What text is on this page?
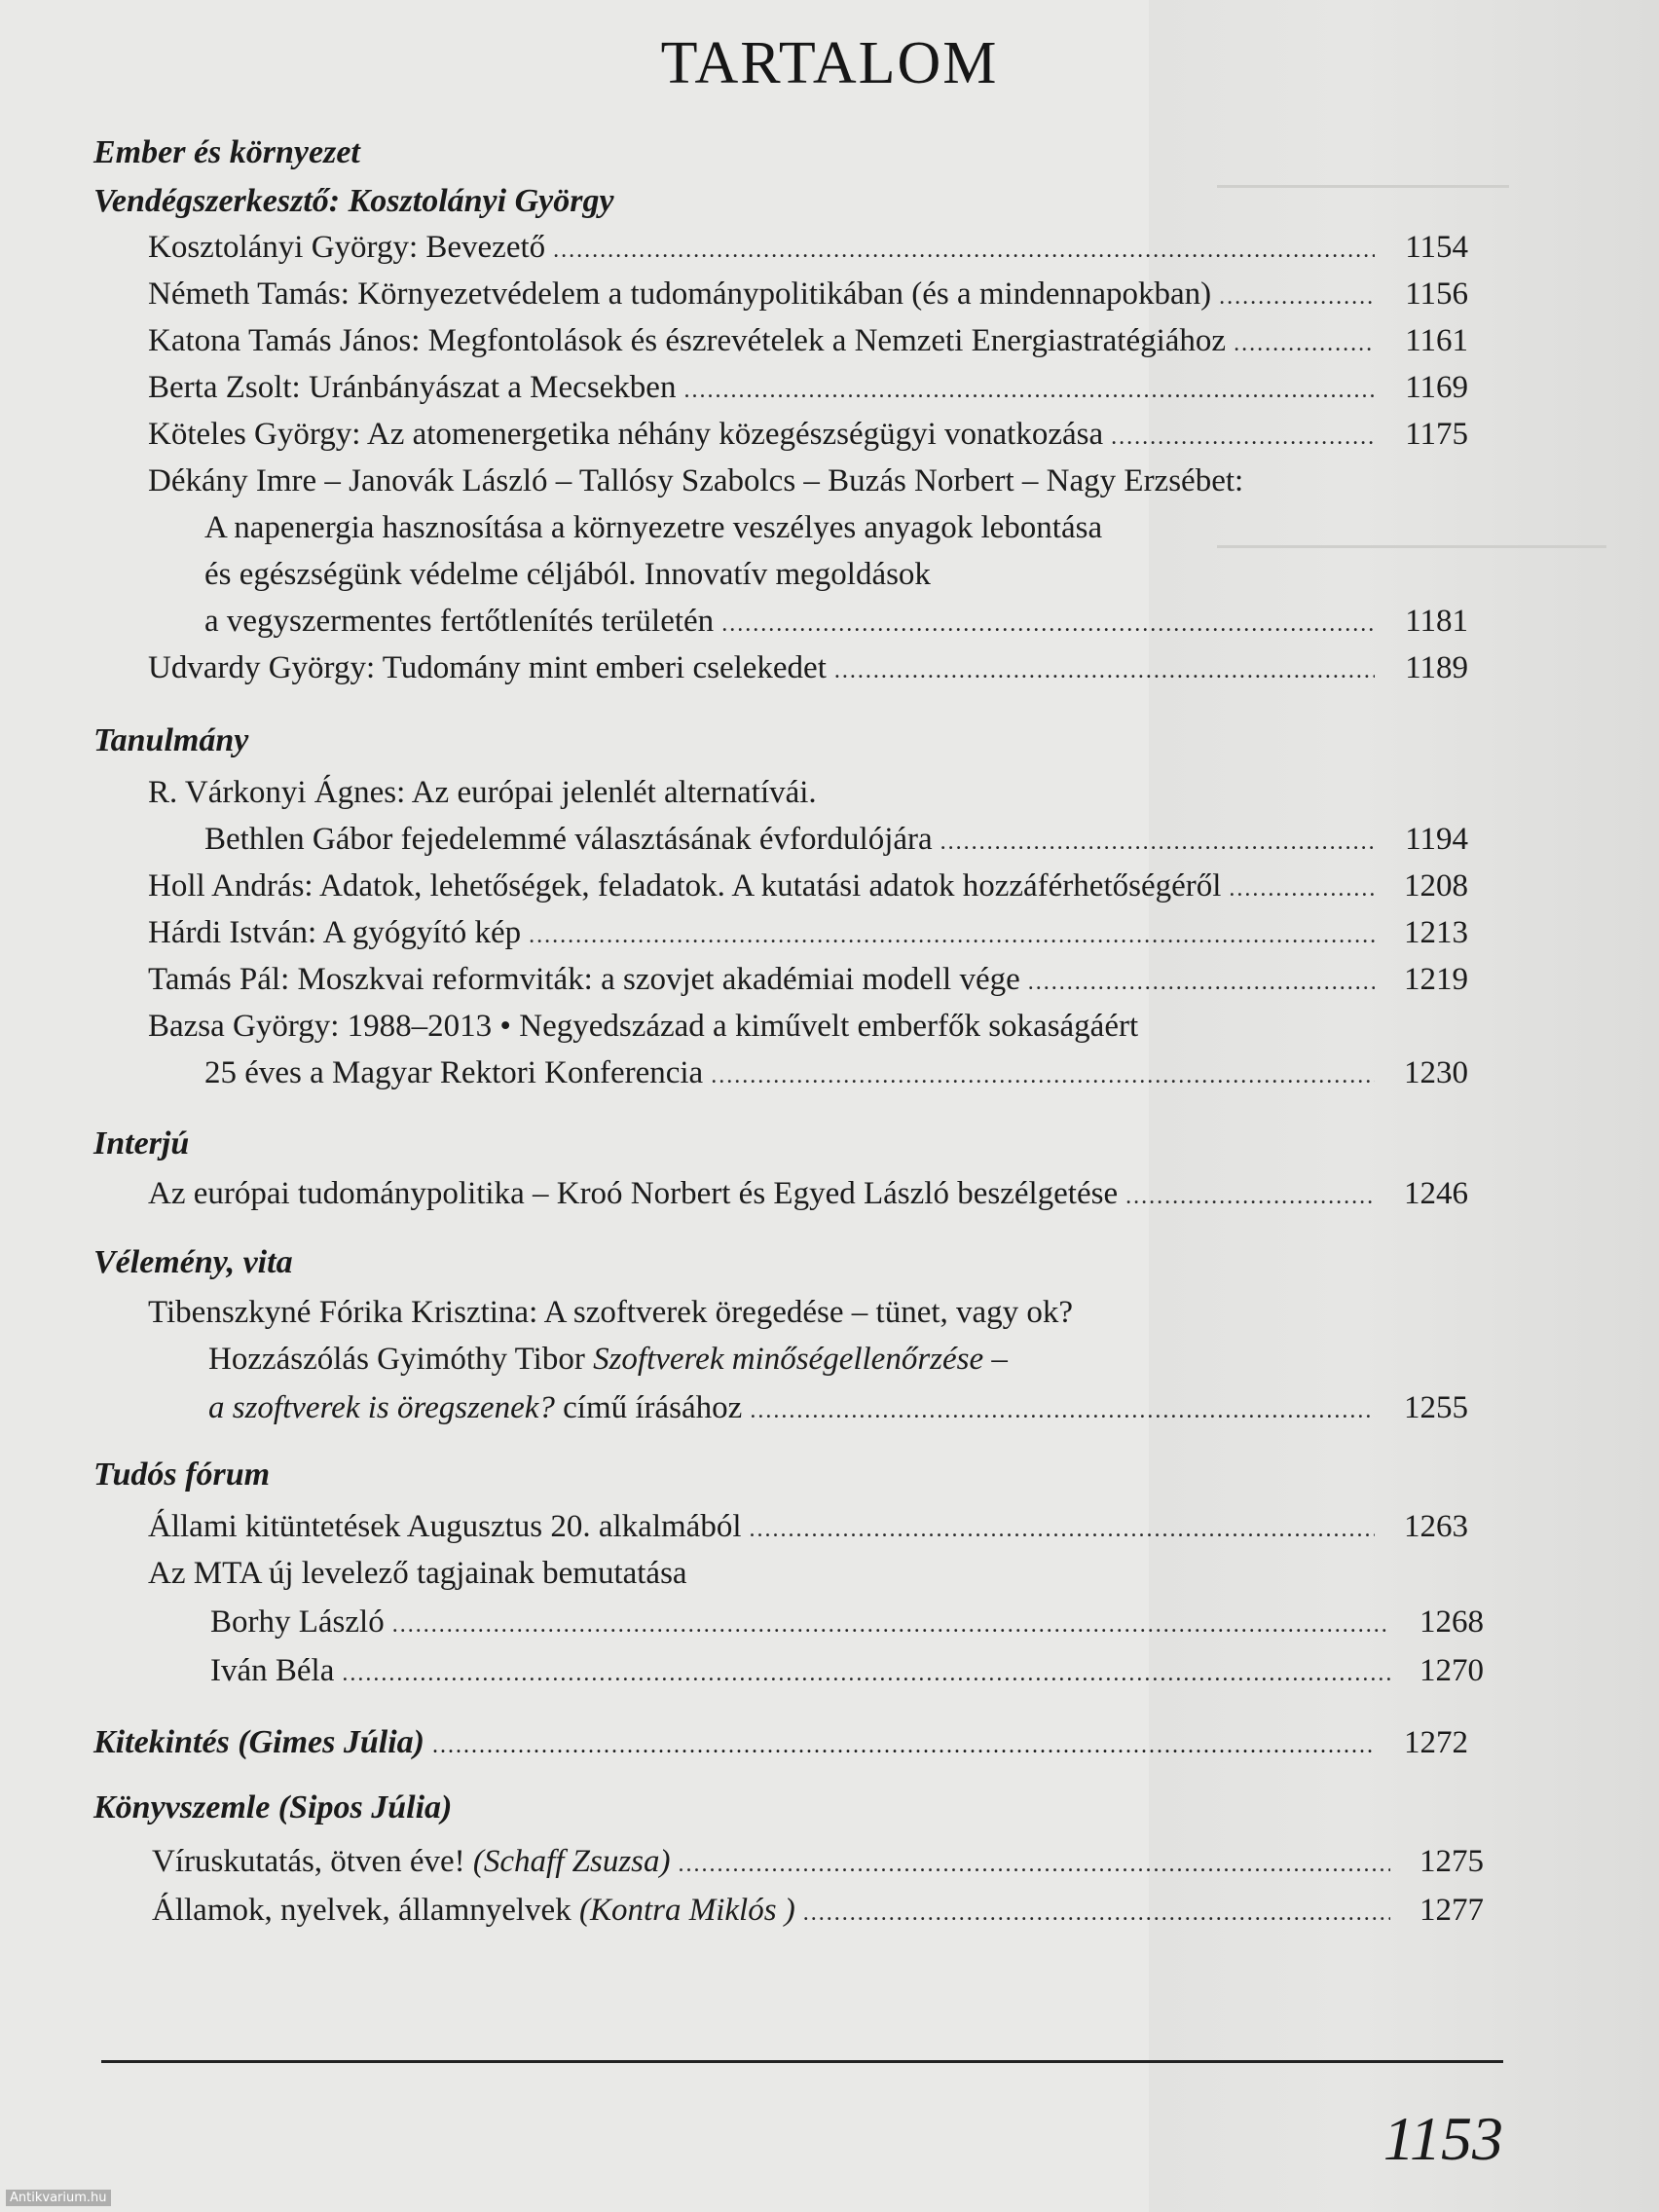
TARTALOM
Ember és környezet
Vendégszerkesztő: Kosztolányi György
Kosztolányi György: Bevezető .....	1154
Németh Tamás: Környezetvédelem a tudománypolitikában (és a mindennapokban) .....	1156
Katona Tamás János: Megfontolások és észrevételek a Nemzeti Energiastratégiához .....	1161
Berta Zsolt: Uránbányászat a Mecsekben .....	1169
Köteles György: Az atomenergetika néhány közegészségügyi vonatkozása .....	1175
Dékány Imre – Janovák László – Tallósy Szabolcs – Buzás Norbert – Nagy Erzsébet:
A napenergia hasznosítása a környezetre veszélyes anyagok lebontása
és egészségünk védelme céljából. Innovatív megoldások
a vegyszermentes fertőtlenítés területén .....	1181
Udvardy György: Tudomány mint emberi cselekedet .....	1189
Tanulmány
R. Várkonyi Ágnes: Az európai jelenlét alternatívái.
Bethlen Gábor fejedelemmé választásának évfordulójára .....	1194
Holl András: Adatok, lehetőségek, feladatok. A kutatási adatok hozzáférhetőségéről .....	1208
Hárdi István: A gyógyító kép .....	1213
Tamás Pál: Moszkvai reformviták: a szovjet akadémiai modell vége .....	1219
Bazsa György: 1988–2013 • Negyedszázad a kiművelt emberfők sokaságáért
25 éves a Magyar Rektori Konferencia .....	1230
Interjú
Az európai tudománypolitika – Kroó Norbert és Egyed László beszélgetése .....	1246
Vélemény, vita
Tibenszkyné Fórika Krisztina: A szoftverek öregedése – tünet, vagy ok?
Hozzászólás Gyimóthy Tibor Szoftverek minőségellenőrzése –
a szoftverek is öregszenek? című írásához .....	1255
Tudós fórum
Állami kitüntetések Augusztus 20. alkalmából .....	1263
Az MTA új levelező tagjainak bemutatása
Borhy László .....	1268
Iván Béla .....	1270
Kitekintés (Gimes Júlia) .....	1272
Könyvszemle (Sipos Júlia)
Víruskutatás, ötven éve! (Schaff Zsuzsa) .....	1275
Államok, nyelvek, államnyelvek (Kontra Miklós ) .....	1277
1153
Antikvarium.hu
